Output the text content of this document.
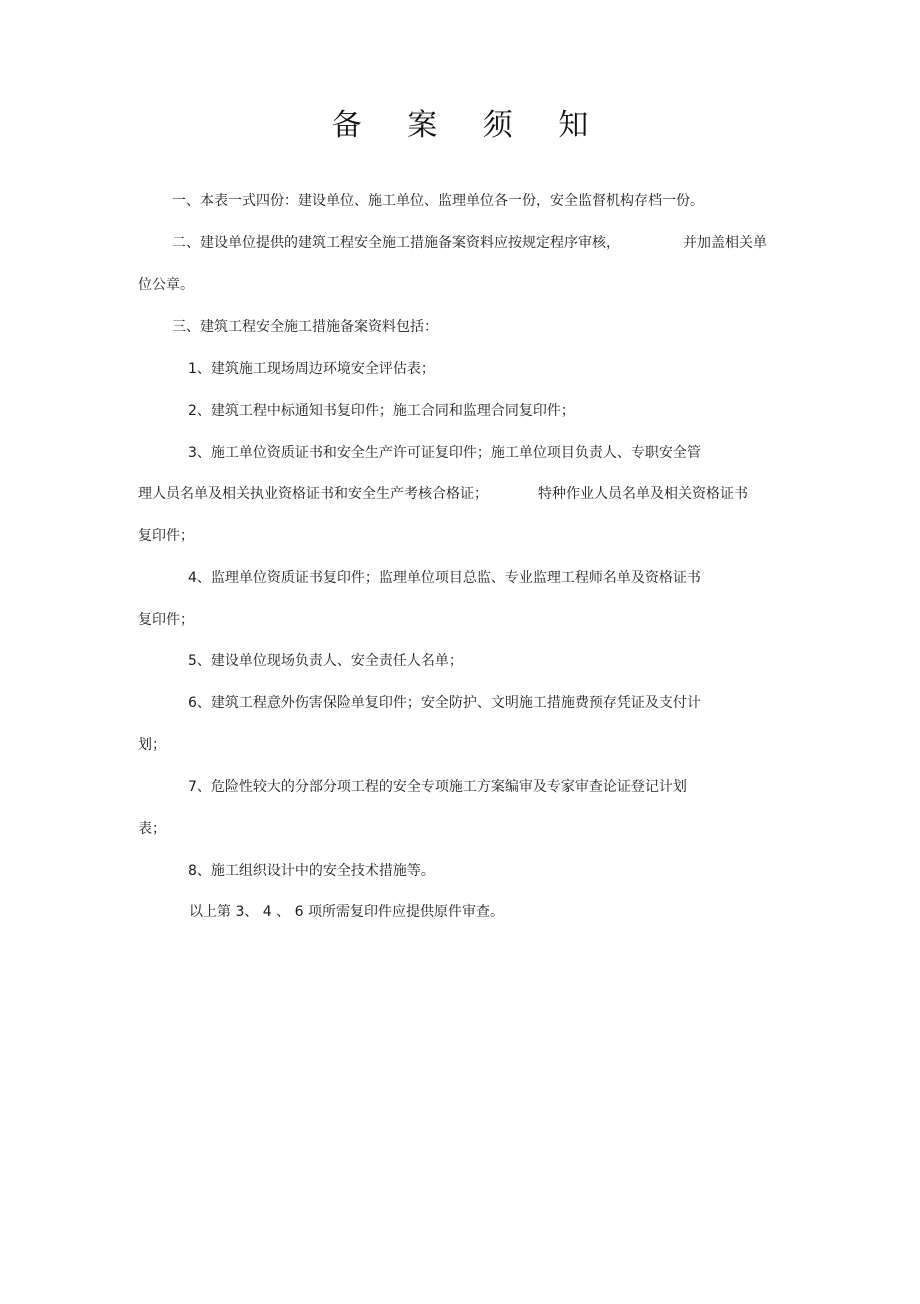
备 案 须 知
一、本表一式四份：建设单位、施工单位、监理单位各一份，安全监督机构存档一份。
二、建设单位提供的建筑工程安全施工措施备案资料应按规定程序审核，	并加盖相关单
位公章。
三、建筑工程安全施工措施备案资料包括：
1、建筑施工现场周边环境安全评估表；
2、建筑工程中标通知书复印件；施工合同和监理合同复印件；
3、施工单位资质证书和安全生产许可证复印件；施工单位项目负责人、专职安全管
理人员名单及相关执业资格证书和安全生产考核合格证；	特种作业人员名单及相关资格证书
复印件；
4、监理单位资质证书复印件；监理单位项目总监、专业监理工程师名单及资格证书
复印件；
5、建设单位现场负责人、安全责任人名单；
6、建筑工程意外伤害保险单复印件；安全防护、文明施工措施费预存凭证及支付计
划；
7、危险性较大的分部分项工程的安全专项施工方案编审及专家审查论证登记计划
表；
8、施工组织设计中的安全技术措施等。
以上第 3、 4 、 6 项所需复印件应提供原件审查。
